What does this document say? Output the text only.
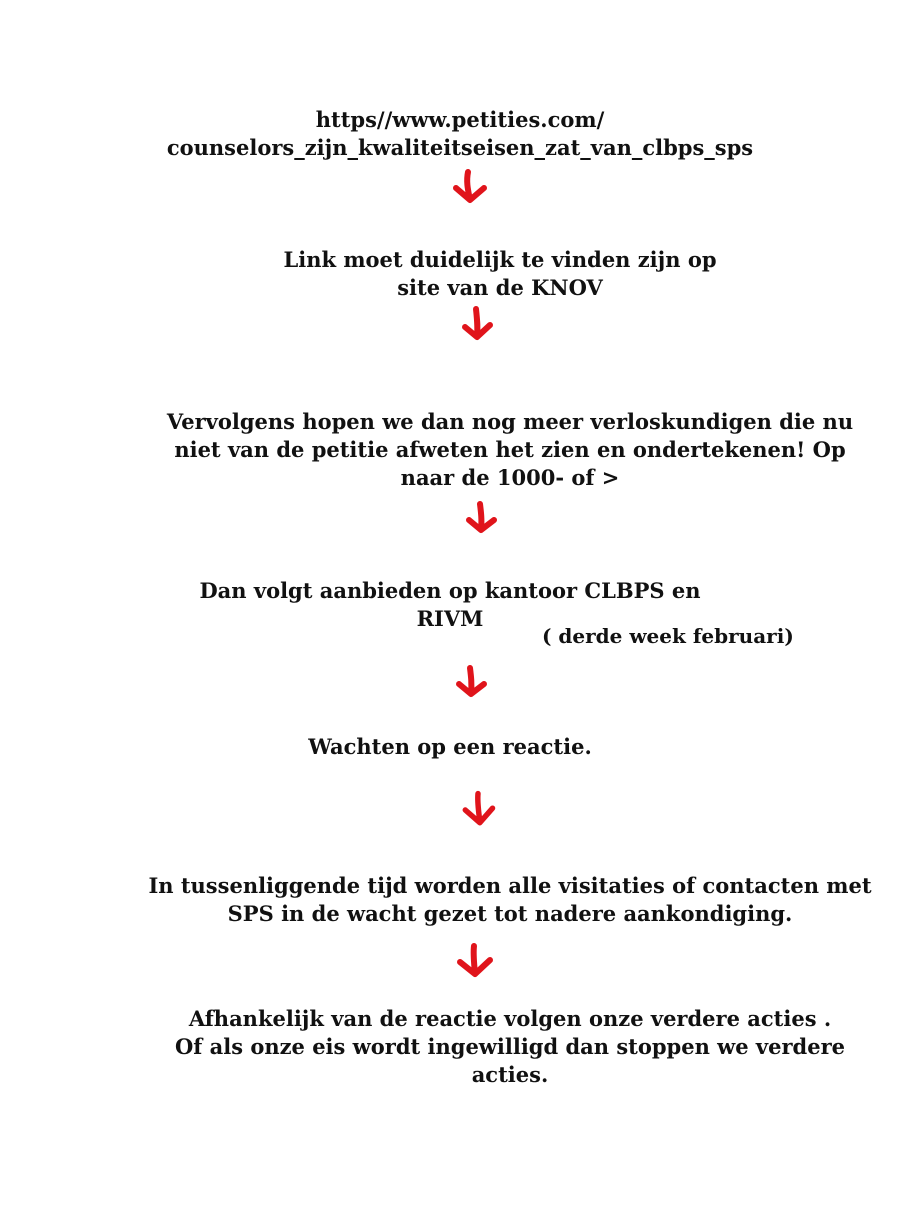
https//www.petities.com/
counselors_zijn_kwaliteitseisen_zat_van_clbps_sps
Link moet duidelijk te vinden zijn op
site van de KNOV
Vervolgens hopen we dan nog meer verloskundigen die nu
niet van de petitie afweten het zien en ondertekenen! Op
naar de 1000- of >
Dan volgt aanbieden op kantoor CLBPS en
RIVM
( derde week februari)
Wachten op een reactie.
In tussenliggende tijd worden alle visitaties of contacten met
SPS in de wacht gezet tot nadere aankondiging.
Afhankelijk van de reactie volgen onze verdere acties .
Of als onze eis wordt ingewilligd dan stoppen we verdere
acties.
